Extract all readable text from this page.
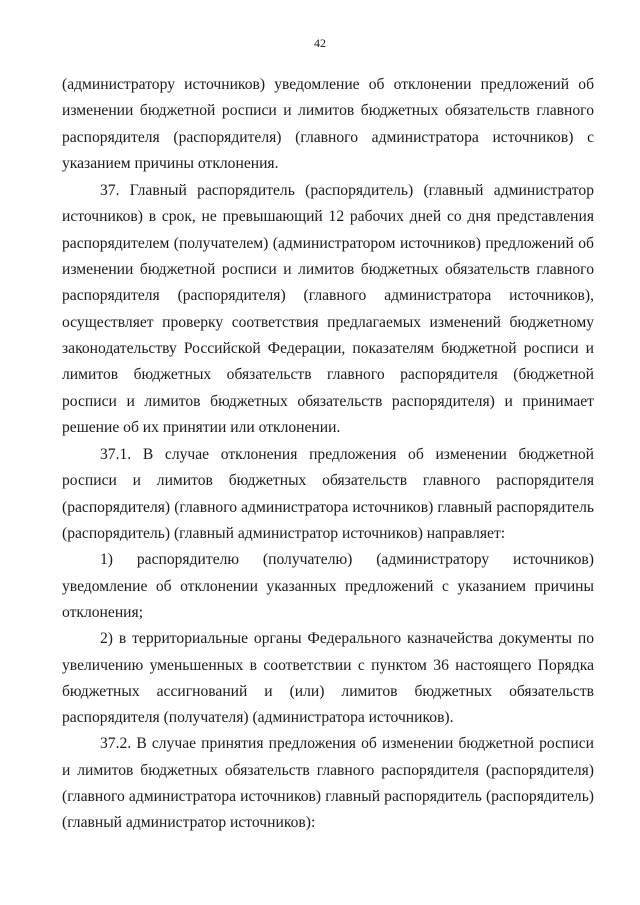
42

(администратору источников) уведомление об отклонении предложений об изменении бюджетной росписи и лимитов бюджетных обязательств главного распорядителя (распорядителя) (главного администратора источников) с указанием причины отклонения.

37. Главный распорядитель (распорядитель) (главный администратор источников) в срок, не превышающий 12 рабочих дней со дня представления распорядителем (получателем) (администратором источников) предложений об изменении бюджетной росписи и лимитов бюджетных обязательств главного распорядителя (распорядителя) (главного администратора источников), осуществляет проверку соответствия предлагаемых изменений бюджетному законодательству Российской Федерации, показателям бюджетной росписи и лимитов бюджетных обязательств главного распорядителя (бюджетной росписи и лимитов бюджетных обязательств распорядителя) и принимает решение об их принятии или отклонении.

37.1. В случае отклонения предложения об изменении бюджетной росписи и лимитов бюджетных обязательств главного распорядителя (распорядителя) (главного администратора источников) главный распорядитель (распорядитель) (главный администратор источников) направляет:

1) распорядителю (получателю) (администратору источников) уведомление об отклонении указанных предложений с указанием причины отклонения;

2) в территориальные органы Федерального казначейства документы по увеличению уменьшенных в соответствии с пунктом 36 настоящего Порядка бюджетных ассигнований и (или) лимитов бюджетных обязательств распорядителя (получателя) (администратора источников).

37.2. В случае принятия предложения об изменении бюджетной росписи и лимитов бюджетных обязательств главного распорядителя (распорядителя) (главного администратора источников) главный распорядитель (распорядитель) (главный администратор источников):
